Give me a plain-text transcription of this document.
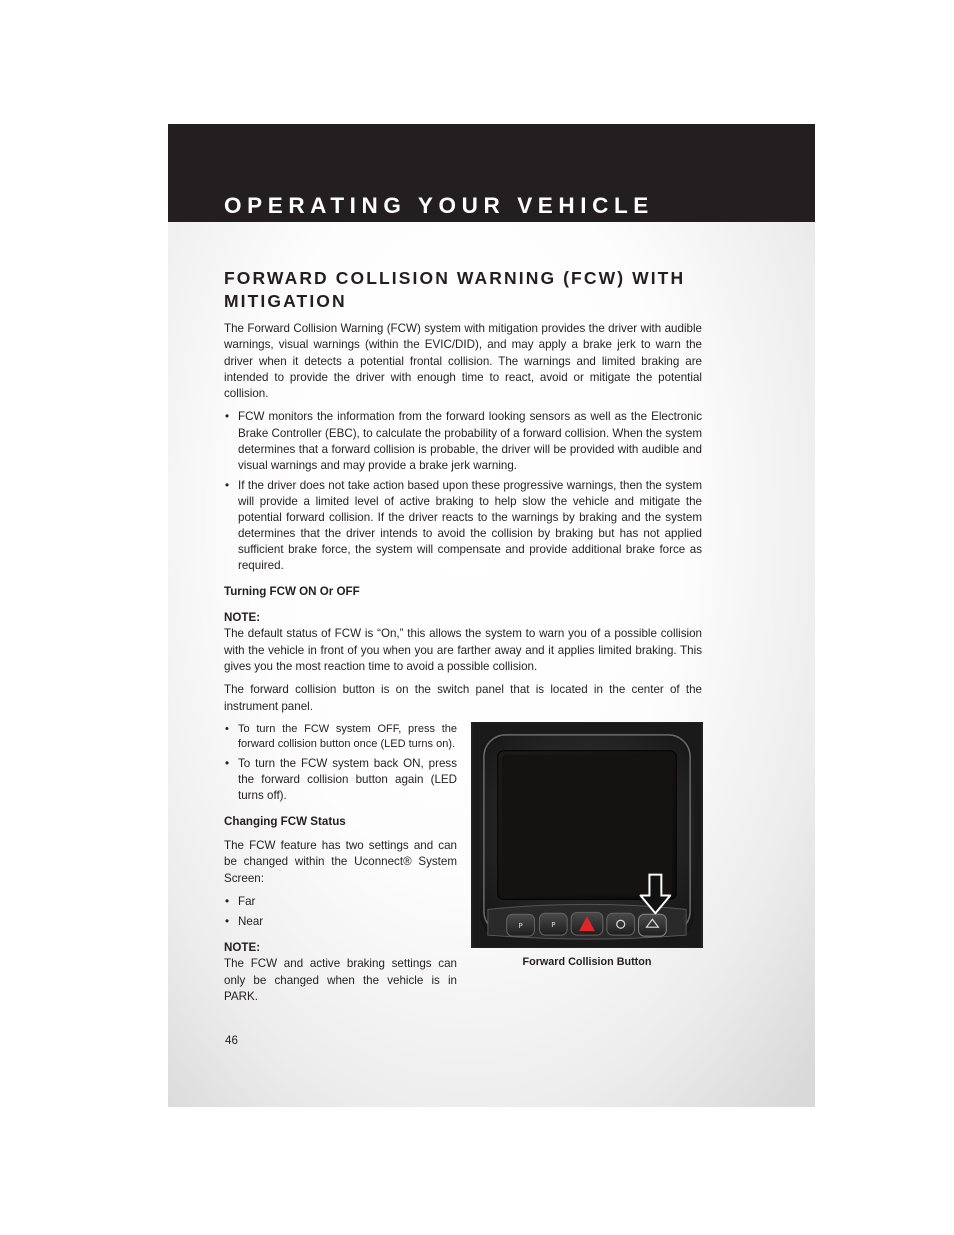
OPERATING YOUR VEHICLE
FORWARD COLLISION WARNING (FCW) WITH MITIGATION

The Forward Collision Warning (FCW) system with mitigation provides the driver with audible warnings, visual warnings (within the EVIC/DID), and may apply a brake jerk to warn the driver when it detects a potential frontal collision. The warnings and limited braking are intended to provide the driver with enough time to react, avoid or mitigate the potential collision.

• FCW monitors the information from the forward looking sensors as well as the Electronic Brake Controller (EBC), to calculate the probability of a forward collision. When the system determines that a forward collision is probable, the driver will be provided with audible and visual warnings and may provide a brake jerk warning.
• If the driver does not take action based upon these progressive warnings, then the system will provide a limited level of active braking to help slow the vehicle and mitigate the potential forward collision. If the driver reacts to the warnings by braking and the system determines that the driver intends to avoid the collision by braking but has not applied sufficient brake force, the system will compensate and provide additional brake force as required.
Turning FCW ON Or OFF
NOTE:

The default status of FCW is “On,” this allows the system to warn you of a possible collision with the vehicle in front of you when you are farther away and it applies limited braking. This gives you the most reaction time to avoid a possible collision.

The forward collision button is on the switch panel that is located in the center of the instrument panel.

• To turn the FCW system OFF, press the forward collision button once (LED turns on).
• To turn the FCW system back ON, press the forward collision button again (LED turns off).
Changing FCW Status

The FCW feature has two settings and can be changed within the Uconnect® System Screen:

• Far
• Near
NOTE:

The FCW and active braking settings can only be changed when the vehicle is in PARK.

P	P
Forward Collision Button
46
